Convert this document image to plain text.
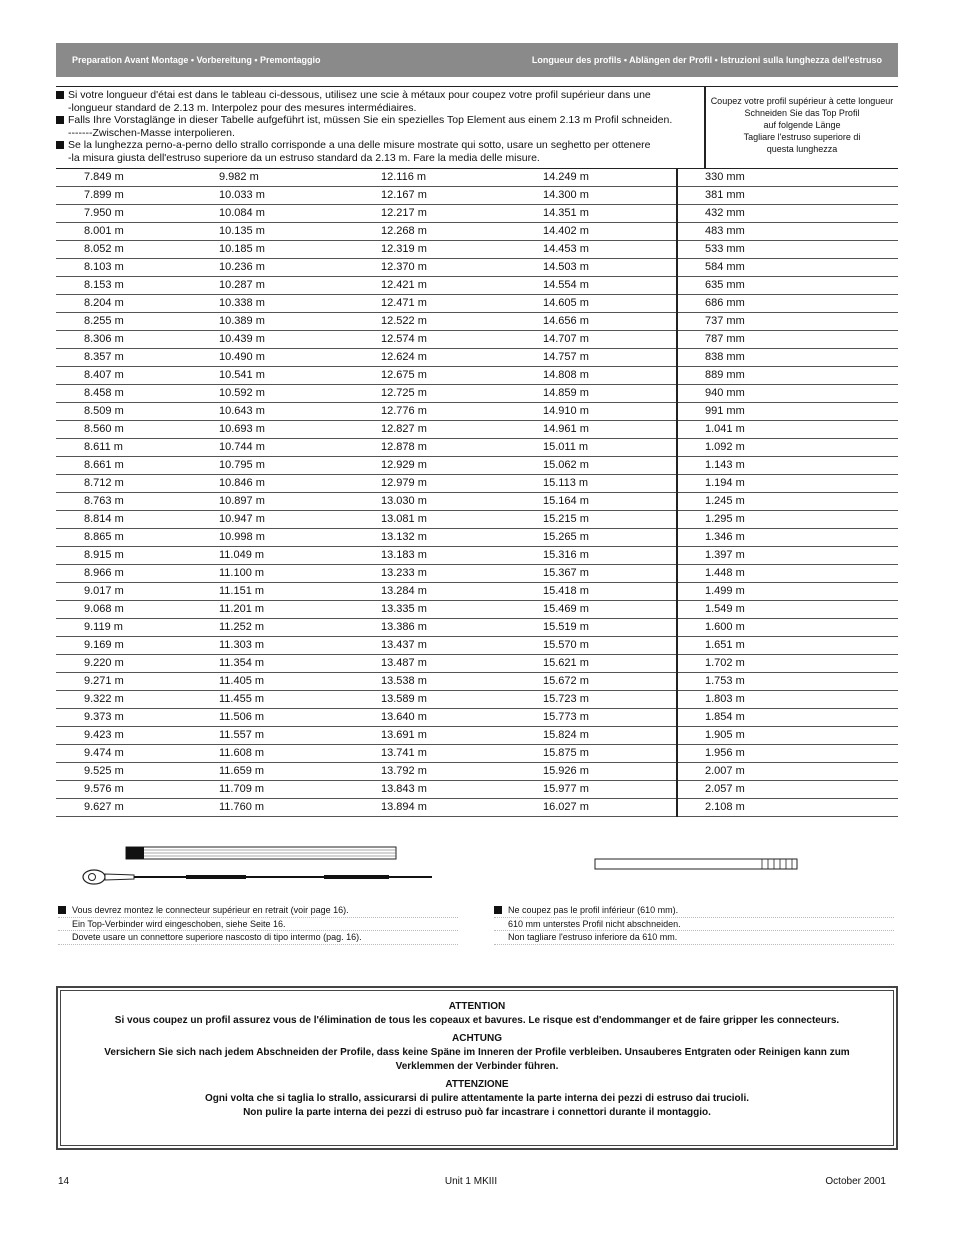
Preparation Avant Montage • Vorbereitung • Premontaggio	Longueur des profils • Ablängen der Profil • Istruzioni sulla lunghezza dell'estruso

Si votre longueur d'étai est dans le tableau ci-dessous, utilisez une scie à métaux pour coupez votre profil supérieur dans une
-longueur standard de 2.13 m. Interpolez pour des mesures intermédiaires.

Falls Ihre Vorstaglänge in dieser Tabelle aufgeführt ist, müssen Sie ein spezielles Top Element aus einem 2.13 m Profil schneiden.
-------Zwischen-Masse interpolieren.

Se la lunghezza perno-a-perno dello strallo corrisponde a una delle misure mostrate qui sotto, usare un seghetto per ottenere
-la misura giusta dell'estruso superiore da un estruso standard da 2.13 m. Fare la media delle misure.

Coupez votre profil supérieur à cette longueur
Schneiden Sie das Top Profil
auf folgende Länge
Tagliare l'estruso superiore di
questa lunghezza
7.849 m	9.982 m	12.116 m	14.249 m	330 mm
7.899 m	10.033 m	12.167 m	14.300 m	381 mm
7.950 m	10.084 m	12.217 m	14.351 m	432 mm
8.001 m	10.135 m	12.268 m	14.402 m	483 mm
8.052 m	10.185 m	12.319 m	14.453 m	533 mm
8.103 m	10.236 m	12.370 m	14.503 m	584 mm
8.153 m	10.287 m	12.421 m	14.554 m	635 mm
8.204 m	10.338 m	12.471 m	14.605 m	686 mm
8.255 m	10.389 m	12.522 m	14.656 m	737 mm
8.306 m	10.439 m	12.574 m	14.707 m	787 mm
8.357 m	10.490 m	12.624 m	14.757 m	838 mm
8.407 m	10.541 m	12.675 m	14.808 m	889 mm
8.458 m	10.592 m	12.725 m	14.859 m	940 mm
8.509 m	10.643 m	12.776 m	14.910 m	991 mm
8.560 m	10.693 m	12.827 m	14.961 m	1.041 m
8.611 m	10.744 m	12.878 m	15.011 m	1.092 m
8.661 m	10.795 m	12.929 m	15.062 m	1.143 m
8.712 m	10.846 m	12.979 m	15.113 m	1.194 m
8.763 m	10.897 m	13.030 m	15.164 m	1.245 m
8.814 m	10.947 m	13.081 m	15.215 m	1.295 m
8.865 m	10.998 m	13.132 m	15.265 m	1.346 m
8.915 m	11.049 m	13.183 m	15.316 m	1.397 m
8.966 m	11.100 m	13.233 m	15.367 m	1.448 m
9.017 m	11.151 m	13.284 m	15.418 m	1.499 m
9.068 m	11.201 m	13.335 m	15.469 m	1.549 m
9.119 m	11.252 m	13.386 m	15.519 m	1.600 m
9.169 m	11.303 m	13.437 m	15.570 m	1.651 m
9.220 m	11.354 m	13.487 m	15.621 m	1.702 m
9.271 m	11.405 m	13.538 m	15.672 m	1.753 m
9.322 m	11.455 m	13.589 m	15.723 m	1.803 m
9.373 m	11.506 m	13.640 m	15.773 m	1.854 m
9.423 m	11.557 m	13.691 m	15.824 m	1.905 m
9.474 m	11.608 m	13.741 m	15.875 m	1.956 m
9.525 m	11.659 m	13.792 m	15.926 m	2.007 m
9.576 m	11.709 m	13.843 m	15.977 m	2.057 m
9.627 m	11.760 m	13.894 m	16.027 m	2.108 m
Vous devrez montez le connecteur supérieur en retrait (voir page 16).
Ein Top-Verbinder wird eingeschoben, siehe Seite 16.
Dovete usare un connettore superiore nascosto di tipo intermo (pag. 16).
Ne coupez pas le profil inférieur (610 mm).
610 mm unterstes Profil nicht abschneiden.
Non tagliare l'estruso inferiore da 610 mm.
ATTENTION
Si vous coupez un profil assurez vous de l'élimination de tous les copeaux et bavures. Le risque est d'endommanger et de faire gripper les connecteurs.
ACHTUNG
Versichern Sie sich nach jedem Abschneiden der Profile, dass keine Späne im Inneren der Profile verbleiben. Unsauberes Entgraten oder Reinigen kann zum Verklemmen der Verbinder führen.
ATTENZIONE
Ogni volta che si taglia lo strallo, assicurarsi di pulire attentamente la parte interna dei pezzi di estruso dai trucioli.
Non pulire la parte interna dei pezzi di estruso può far incastrare i connettori durante il montaggio.
14	Unit 1 MKIII	October 2001
